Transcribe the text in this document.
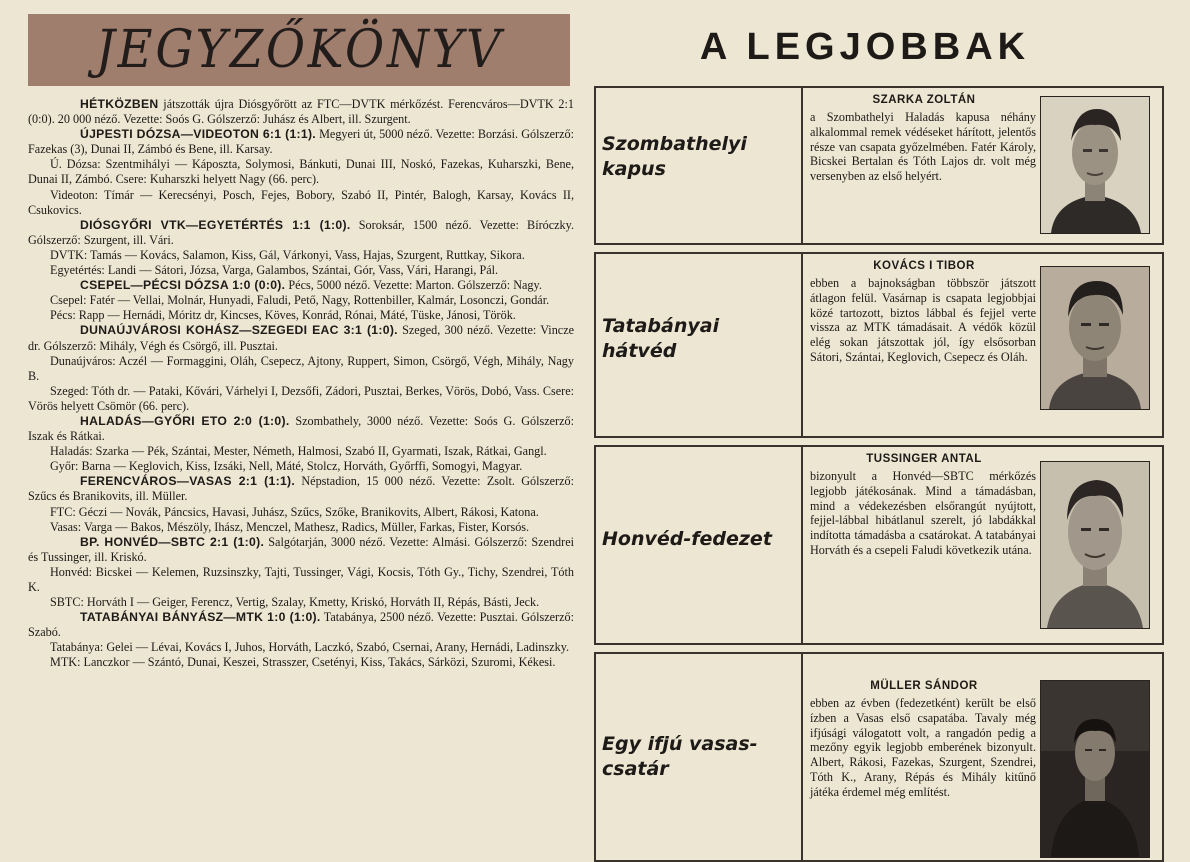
JEGYZŐKÖNYV
HÉTKÖZBEN játszották újra Diósgyőrött az FTC—DVTK mérkőzést. Ferencváros—DVTK 2:1 (0:0). 20 000 néző. Vezette: Soós G. Gólszerző: Juhász és Albert, ill. Szurgent.
ÚJPESTI DÓZSA—VIDEOTON 6:1 (1:1). Megyeri út, 5000 néző. Vezette: Borzási. Gólszerző: Fazekas (3), Dunai II, Zámbó és Bene, ill. Karsay.
Ú. Dózsa: Szentmihályi — Káposzta, Solymosi, Bánkuti, Dunai III, Noskó, Fazekas, Kuharszki, Bene, Dunai II, Zámbó. Csere: Kuharszki helyett Nagy (66. perc).
Videoton: Tímár — Kerecsényi, Posch, Fejes, Bobory, Szabó II, Pintér, Balogh, Karsay, Kovács II, Csukovics.
DIÓSGYŐRI VTK—EGYETÉRTÉS 1:1 (1:0). Soroksár, 1500 néző. Vezette: Bíróczky. Gólszerző: Szurgent, ill. Vári.
DVTK: Tamás — Kovács, Salamon, Kiss, Gál, Várkonyi, Vass, Hajas, Szurgent, Ruttkay, Sikora.
Egyetértés: Landi — Sátori, Józsa, Varga, Galambos, Szántai, Gór, Vass, Vári, Harangi, Pál.
CSEPEL—PÉCSI DÓZSA 1:0 (0:0). Pécs, 5000 néző. Vezette: Marton. Gólszerző: Nagy.
Csepel: Fatér — Vellai, Molnár, Hunyadi, Faludi, Pető, Nagy, Rottenbiller, Kalmár, Losonczi, Gondár.
Pécs: Rapp — Hernádi, Móritz dr, Kincses, Köves, Konrád, Rónai, Máté, Tüske, Jánosi, Török.
DUNAÚJVÁROSI KOHÁSZ—SZEGEDI EAC 3:1 (1:0). Szeged, 300 néző. Vezette: Vincze dr. Gólszerző: Mihály, Végh és Csörgő, ill. Pusztai.
Dunaújváros: Aczél — Formaggini, Oláh, Csepecz, Ajtony, Ruppert, Simon, Csörgő, Végh, Mihály, Nagy B.
Szeged: Tóth dr. — Pataki, Kővári, Várhelyi I, Dezsőfi, Zádori, Pusztai, Berkes, Vörös, Dobó, Vass. Csere: Vörös helyett Csömör (66. perc).
HALADÁS—GYŐRI ETO 2:0 (1:0). Szombathely, 3000 néző. Vezette: Soós G. Gólszerző: Iszak és Rátkai.
Haladás: Szarka — Pék, Szántai, Mester, Németh, Halmosi, Szabó II, Gyarmati, Iszak, Rátkai, Gangl.
Győr: Barna — Keglovich, Kiss, Izsáki, Nell, Máté, Stolcz, Horváth, Győrffi, Somogyi, Magyar.
FERENCVÁROS—VASAS 2:1 (1:1). Népstadion, 15 000 néző. Vezette: Zsolt. Gólszerző: Szűcs és Branikovits, ill. Müller.
FTC: Géczi — Novák, Páncsics, Havasi, Juhász, Szűcs, Szőke, Branikovits, Albert, Rákosi, Katona.
Vasas: Varga — Bakos, Mészöly, Ihász, Menczel, Mathesz, Radics, Müller, Farkas, Fister, Korsós.
BP. HONVÉD—SBTC 2:1 (1:0). Salgótarján, 3000 néző. Vezette: Almási. Gólszerző: Szendrei és Tussinger, ill. Kriskó.
Honvéd: Bicskei — Kelemen, Ruzsinszky, Tajti, Tussinger, Vági, Kocsis, Tóth Gy., Tichy, Szendrei, Tóth K.
SBTC: Horváth I — Geiger, Ferencz, Vertig, Szalay, Kmetty, Kriskó, Horváth II, Répás, Básti, Jeck.
TATABÁNYAI BÁNYÁSZ—MTK 1:0 (1:0). Tatabánya, 2500 néző. Vezette: Pusztai. Gólszerző: Szabó.
Tatabánya: Gelei — Lévai, Kovács I, Juhos, Horváth, Laczkó, Szabó, Csernai, Arany, Hernádi, Ladinszky.
MTK: Lanczkor — Szántó, Dunai, Keszei, Strasszer, Csetényi, Kiss, Takács, Sárközi, Szuromi, Kékesi.
A LEGJOBBAK
Szombathelyi
kapus
SZARKA ZOLTÁN
a Szombathelyi Haladás kapusa néhány alkalommal remek védéseket hárított, jelentős része van csapata győzelmében. Fatér Károly, Bicskei Bertalan és Tóth Lajos dr. volt még versenyben az első helyért.
Tatabányai
hátvéd
KOVÁCS I TIBOR
ebben a bajnokságban többször játszott átlagon felül. Vasárnap is csapata legjobbjai közé tartozott, biztos lábbal és fejjel verte vissza az MTK támadásait. A védők közül elég sokan játszottak jól, így elsősorban Sátori, Szántai, Keglovich, Csepecz és Oláh.
Honvéd-fedezet
TUSSINGER ANTAL
bizonyult a Honvéd—SBTC mérkőzés legjobb játékosának. Mind a támadásban, mind a védekezésben elsőrangút nyújtott, fejjel-lábbal hibátlanul szerelt, jó labdákkal indította támadásba a csatárokat. A tatabányai Horváth és a csepeli Faludi következik utána.
Egy ifjú vasas-
csatár
MÜLLER SÁNDOR
ebben az évben (fedezetként) került be első ízben a Vasas első csapatába. Tavaly még ifjúsági válogatott volt, a rangadón pedig a mezőny egyik legjobb emberének bizonyult. Albert, Rákosi, Fazekas, Szurgent, Szendrei, Tóth K., Arany, Répás és Mihály kitűnő játéka érdemel még említést.
